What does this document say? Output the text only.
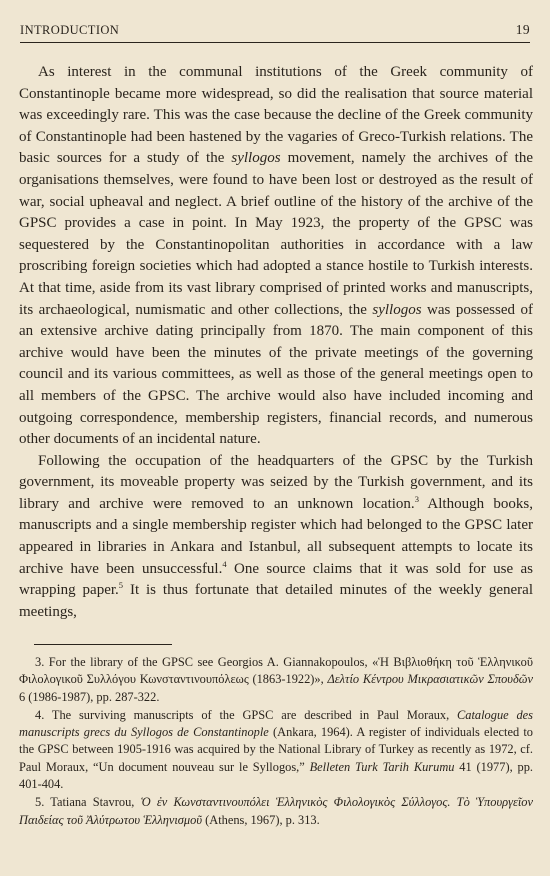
INTRODUCTION	19

As interest in the communal institutions of the Greek community of Constantinople became more widespread, so did the realisation that source material was exceedingly rare. This was the case because the decline of the Greek community of Constantinople had been hastened by the vagaries of Greco-Turkish relations. The basic sources for a study of the syllogos movement, namely the archives of the organisations themselves, were found to have been lost or destroyed as the result of war, social upheaval and neglect. A brief outline of the history of the archive of the GPSC provides a case in point. In May 1923, the property of the GPSC was sequestered by the Constantinopolitan authorities in accordance with a law proscribing foreign societies which had adopted a stance hostile to Turkish interests. At that time, aside from its vast library comprised of printed works and manuscripts, its archaeological, numismatic and other collections, the syllogos was possessed of an extensive archive dating principally from 1870. The main component of this archive would have been the minutes of the private meetings of the governing council and its various committees, as well as those of the general meetings open to all members of the GPSC. The archive would also have included incoming and outgoing correspondence, membership registers, financial records, and numerous other documents of an incidental nature.

Following the occupation of the headquarters of the GPSC by the Turkish government, its moveable property was seized by the Turkish government, and its library and archive were removed to an unknown location.$^3$ Although books, manuscripts and a single membership register which had belonged to the GPSC later appeared in libraries in Ankara and Istanbul, all subsequent attempts to locate its archive have been unsuccessful.$^4$ One source claims that it was sold for use as wrapping paper.$^5$ It is thus fortunate that detailed minutes of the weekly general meetings,

3. For the library of the GPSC see Georgios A. Giannakopoulos, «Ἡ Βιβλιοθήκη τοῦ Ἑλληνικοῦ Φιλολογικοῦ Συλλόγου Κωνσταντινουπόλεως (1863-1922)», Δελτίο Κέντρου Μικρασιατικῶν Σπουδῶν 6 (1986-1987), pp. 287-322.

4. The surviving manuscripts of the GPSC are described in Paul Moraux, Catalogue des manuscripts grecs du Syllogos de Constantinople (Ankara, 1964). A register of individuals elected to the GPSC between 1905-1916 was acquired by the National Library of Turkey as recently as 1972, cf. Paul Moraux, “Un document nouveau sur le Syllogos,” Belleten Turk Tarih Kurumu 41 (1977), pp. 401-404.

5. Tatiana Stavrou, Ὁ ἐν Κωνσταντινουπόλει Ἑλληνικὸς Φιλολογικὸς Σύλλογος. Τὸ Ὑπουργεῖον Παιδείας τοῦ Ἀλύτρωτου Ἑλληνισμοῦ (Athens, 1967), p. 313.
